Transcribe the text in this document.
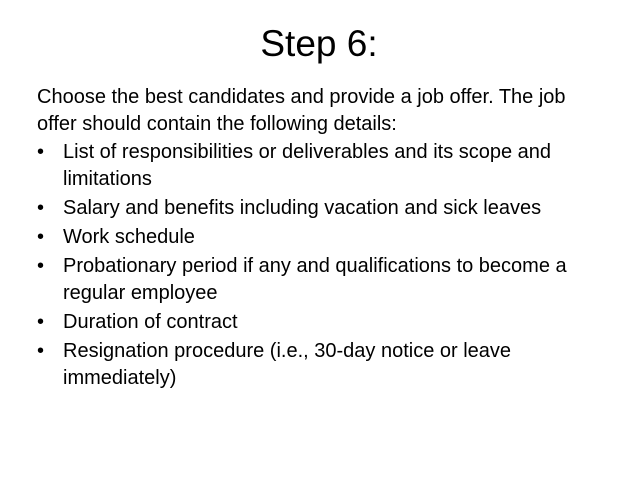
Step 6:

Choose the best candidates and provide a job offer. The job offer should contain the following details:

• List of responsibilities or deliverables and its scope and limitations
• Salary and benefits including vacation and sick leaves
• Work schedule
• Probationary period if any and qualifications to become a regular employee
• Duration of contract
• Resignation procedure (i.e., 30-day notice or leave immediately)
